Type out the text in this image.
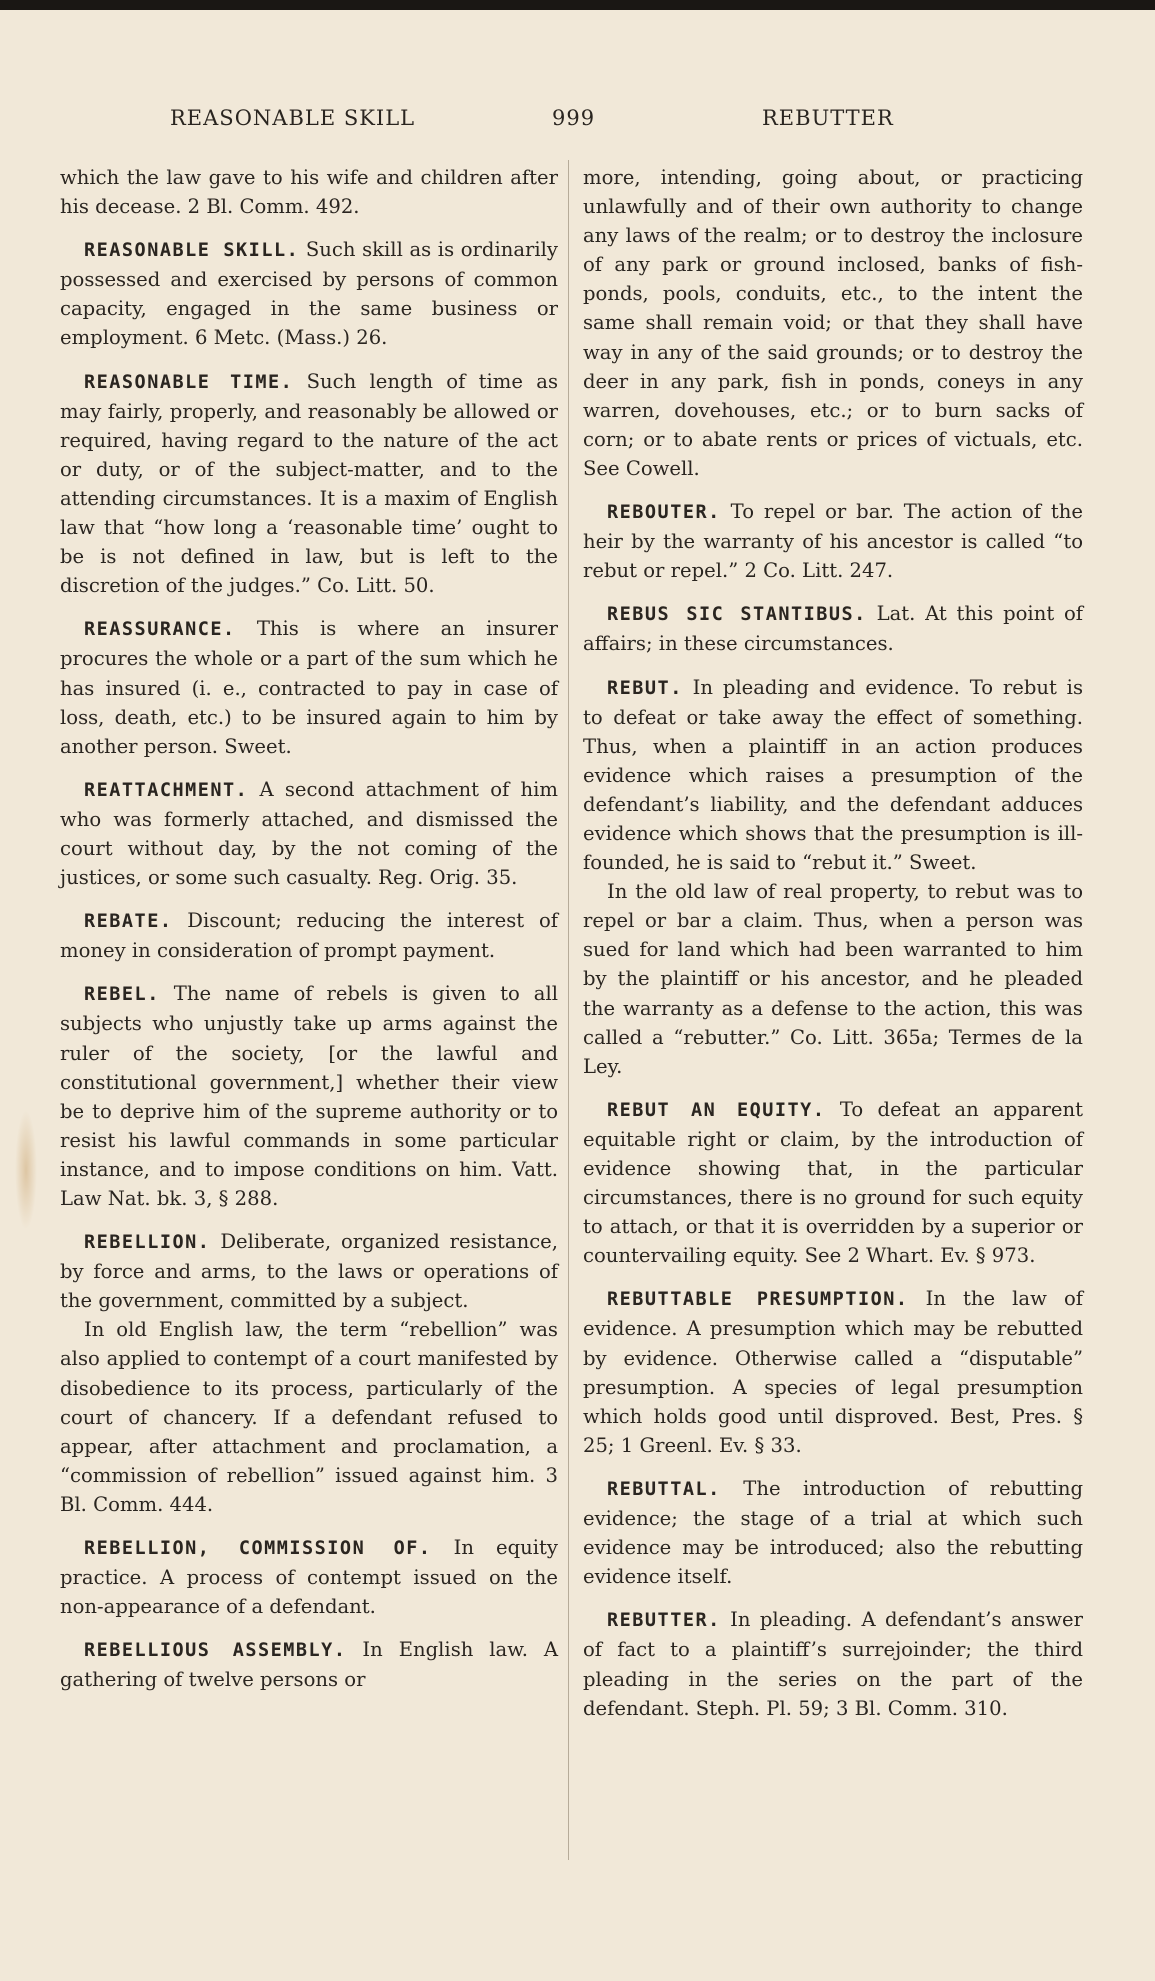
REASONABLE SKILL	999	REBUTTER

which the law gave to his wife and children after his decease. 2 Bl. Comm. 492.

REASONABLE SKILL. Such skill as is ordinarily possessed and exercised by persons of common capacity, engaged in the same business or employment. 6 Metc. (Mass.) 26.

REASONABLE TIME. Such length of time as may fairly, properly, and reasonably be allowed or required, having regard to the nature of the act or duty, or of the subject-matter, and to the attending circumstances. It is a maxim of English law that “how long a ‘reasonable time’ ought to be is not defined in law, but is left to the discretion of the judges.” Co. Litt. 50.

REASSURANCE. This is where an insurer procures the whole or a part of the sum which he has insured (i. e., contracted to pay in case of loss, death, etc.) to be insured again to him by another person. Sweet.

REATTACHMENT. A second attachment of him who was formerly attached, and dismissed the court without day, by the not coming of the justices, or some such casualty. Reg. Orig. 35.

REBATE. Discount; reducing the interest of money in consideration of prompt payment.

REBEL. The name of rebels is given to all subjects who unjustly take up arms against the ruler of the society, [or the lawful and constitutional government,] whether their view be to deprive him of the supreme authority or to resist his lawful commands in some particular instance, and to impose conditions on him. Vatt. Law Nat. bk. 3, § 288.

REBELLION. Deliberate, organized resistance, by force and arms, to the laws or operations of the government, committed by a subject.

In old English law, the term “rebellion” was also applied to contempt of a court manifested by disobedience to its process, particularly of the court of chancery. If a defendant refused to appear, after attachment and proclamation, a “commission of rebellion” issued against him. 3 Bl. Comm. 444.

REBELLION, COMMISSION OF. In equity practice. A process of contempt issued on the non-appearance of a defendant.

REBELLIOUS ASSEMBLY. In English law. A gathering of twelve persons or

more, intending, going about, or practicing unlawfully and of their own authority to change any laws of the realm; or to destroy the inclosure of any park or ground inclosed, banks of fish-ponds, pools, conduits, etc., to the intent the same shall remain void; or that they shall have way in any of the said grounds; or to destroy the deer in any park, fish in ponds, coneys in any warren, dovehouses, etc.; or to burn sacks of corn; or to abate rents or prices of victuals, etc. See Cowell.

REBOUTER. To repel or bar. The action of the heir by the warranty of his ancestor is called “to rebut or repel.” 2 Co. Litt. 247.

REBUS SIC STANTIBUS. Lat. At this point of affairs; in these circumstances.

REBUT. In pleading and evidence. To rebut is to defeat or take away the effect of something. Thus, when a plaintiff in an action produces evidence which raises a presumption of the defendant’s liability, and the defendant adduces evidence which shows that the presumption is ill-founded, he is said to “rebut it.” Sweet.

In the old law of real property, to rebut was to repel or bar a claim. Thus, when a person was sued for land which had been warranted to him by the plaintiff or his ancestor, and he pleaded the warranty as a defense to the action, this was called a “rebutter.” Co. Litt. 365a; Termes de la Ley.

REBUT AN EQUITY. To defeat an apparent equitable right or claim, by the introduction of evidence showing that, in the particular circumstances, there is no ground for such equity to attach, or that it is overridden by a superior or countervailing equity. See 2 Whart. Ev. § 973.

REBUTTABLE PRESUMPTION. In the law of evidence. A presumption which may be rebutted by evidence. Otherwise called a “disputable” presumption. A species of legal presumption which holds good until disproved. Best, Pres. § 25; 1 Greenl. Ev. § 33.

REBUTTAL. The introduction of rebutting evidence; the stage of a trial at which such evidence may be introduced; also the rebutting evidence itself.

REBUTTER. In pleading. A defendant’s answer of fact to a plaintiff’s surrejoinder; the third pleading in the series on the part of the defendant. Steph. Pl. 59; 3 Bl. Comm. 310.
